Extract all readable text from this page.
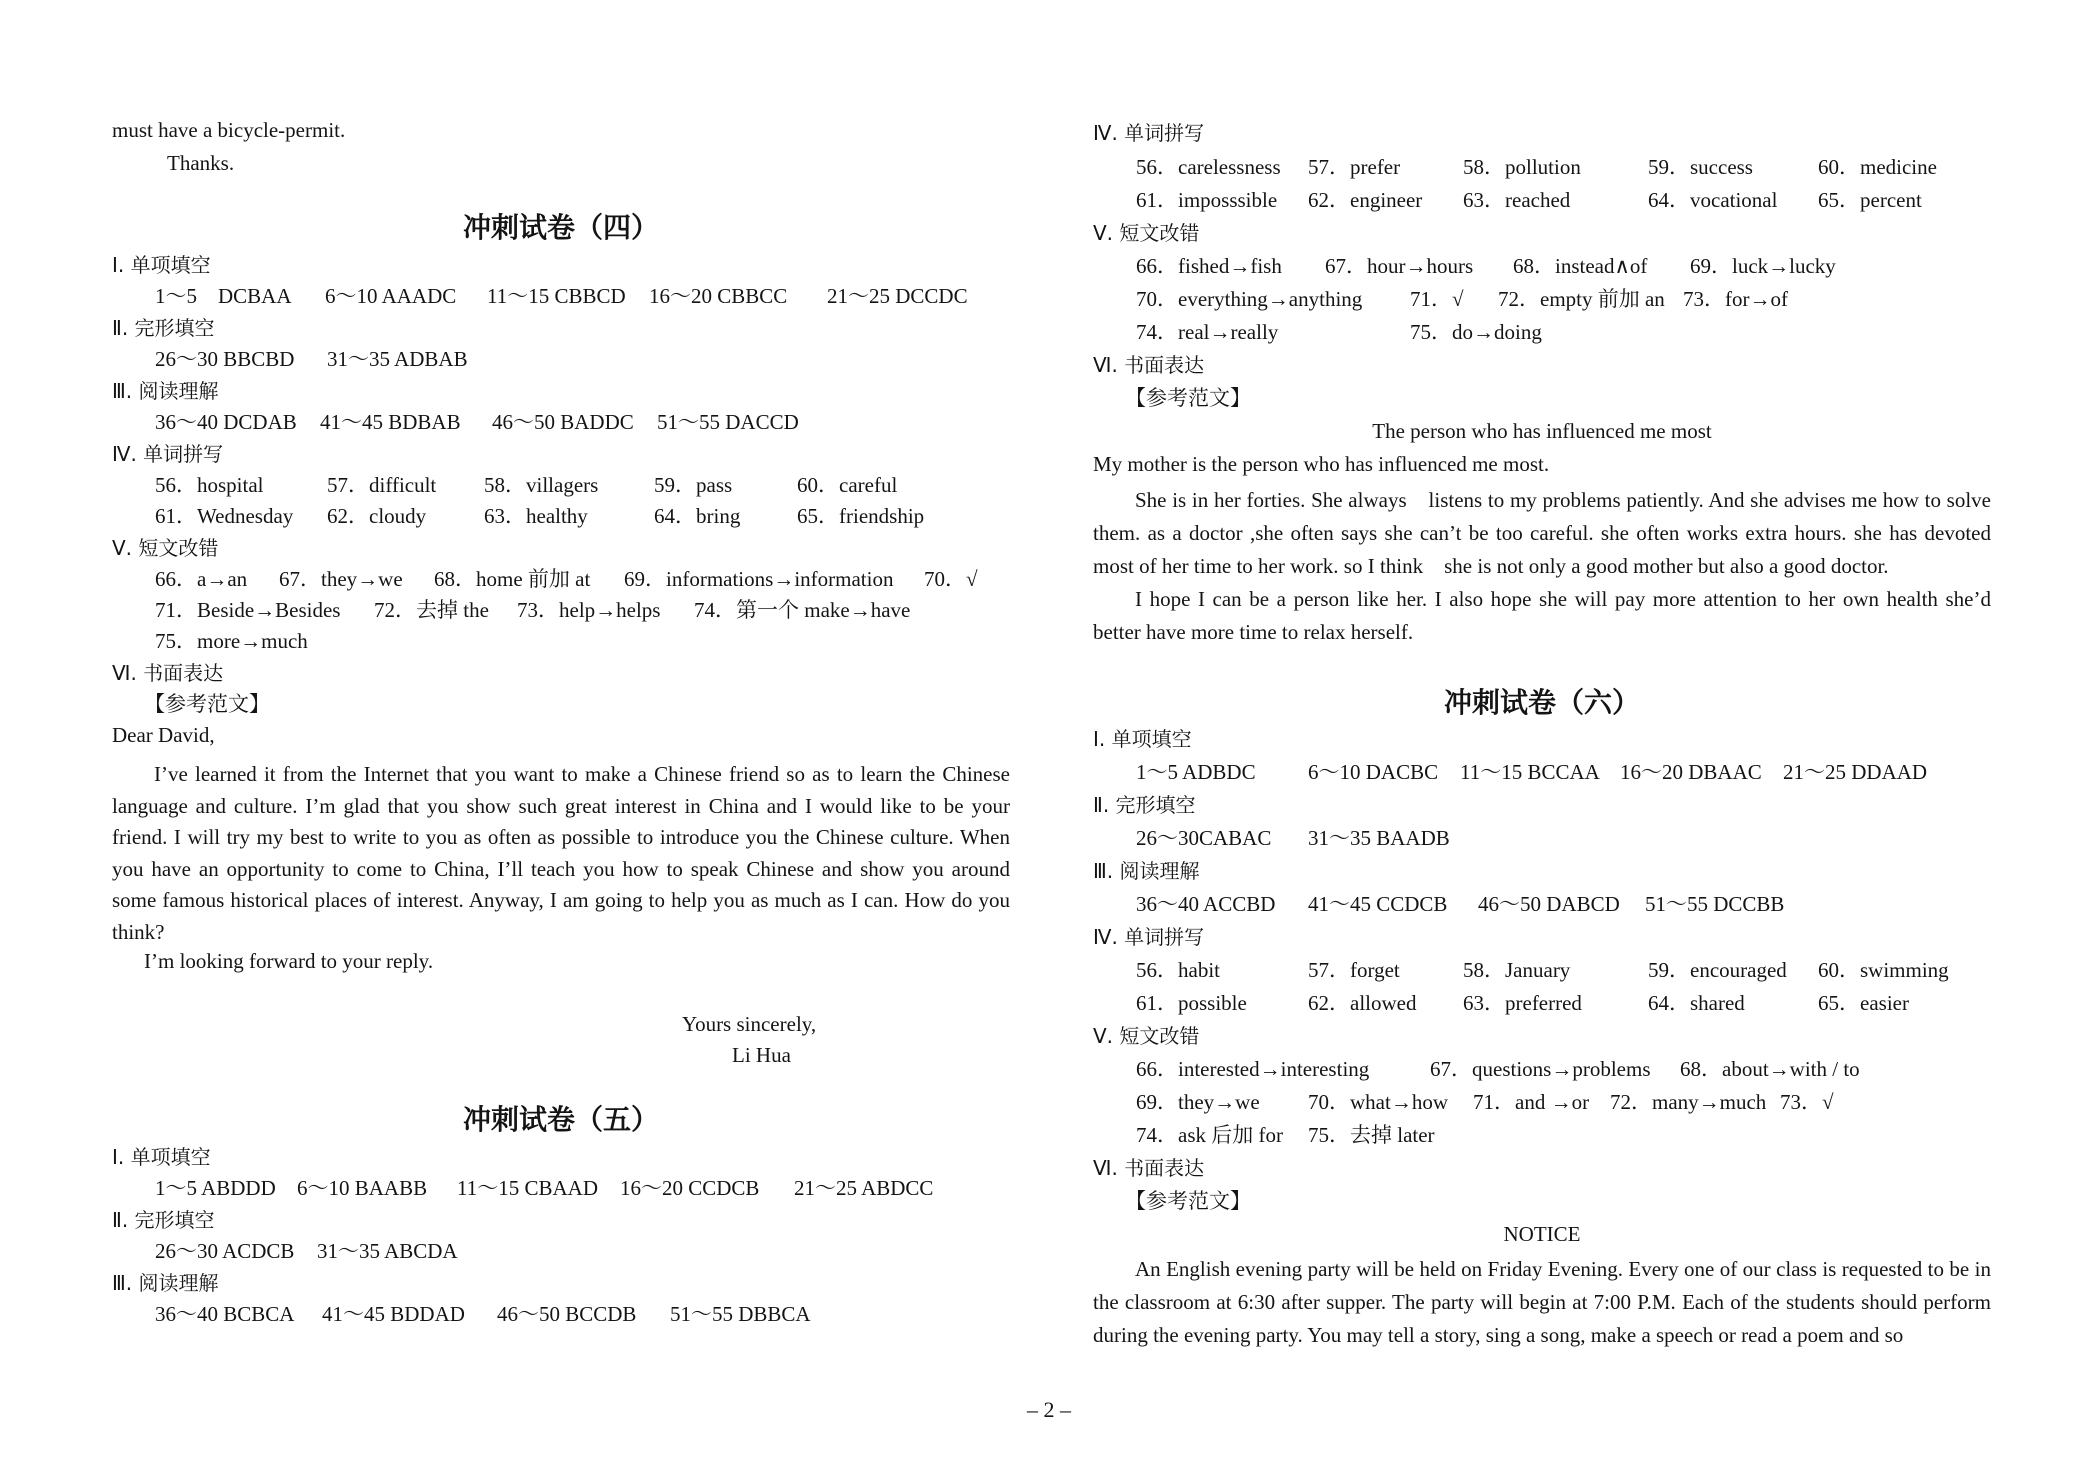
must have a bicycle-permit.
Thanks.
冲刺试卷（四）
Ⅰ. 单项填空
1～5　DCBAA 6～10 AAADC 11～15 CBBCD 16～20 CBBCC 21～25 DCCDC
Ⅱ. 完形填空
26～30 BBCBD 31～35 ADBAB
Ⅲ. 阅读理解
36～40 DCDAB 41～45 BDBAB 46～50 BADDC 51～55 DACCD
Ⅳ. 单词拼写
56．hospital	57．difficult 58．villagers	59．pass	60．careful
61．Wednesday 62．cloudy	63．healthy	64．bring	65．friendship
Ⅴ. 短文改错
66．a→an 67．they→we 68．home 前加 at 69．informations→information 70．√
71．Beside→Besides 72．去掉 the 73．help→helps 74．第一个 make→have
75．more→much
Ⅵ. 书面表达
【参考范文】
Dear David,
I’ve learned it from the Internet that you want to make a Chinese friend so as to learn the Chinese language and culture. I’m glad that you show such great interest in China and I would like to be your friend. I will try my best to write to you as often as possible to introduce you the Chinese culture. When you have an opportunity to come to China, I’ll teach you how to speak Chinese and show you around some famous historical places of interest. Anyway, I am going to help you as much as I can. How do you think?
I’m looking forward to your reply.
Yours sincerely,
Li Hua
冲刺试卷（五）
Ⅰ. 单项填空
1～5 ABDDD 6～10 BAABB 11～15 CBAAD 16～20 CCDCB 21～25 ABDCC
Ⅱ. 完形填空
26～30 ACDCB 31～35 ABCDA
Ⅲ. 阅读理解
36～40 BCBCA 41～45 BDDAD 46～50 BCCDB 51～55 DBBCA
Ⅳ. 单词拼写
56．carelessness 57．prefer	58．pollution	59．success	60．medicine
61．imposssible 62．engineer 63．reached	64．vocational 65．percent
Ⅴ. 短文改错
66．fished→fish 67．hour→hours 68．instead∧of 69．luck→lucky
70．everything→anything 71．√ 72．empty 前加 an 73．for→of
74．real→really	75．do→doing
Ⅵ. 书面表达
【参考范文】
The person who has influenced me most
My mother is the person who has influenced me most.
She is in her forties. She always　listens to my problems patiently. And she advises me how to solve them. as a doctor ,she often says she can’t be too careful. she often works extra hours. she has devoted most of her time to her work. so I think　she is not only a good mother but also a good doctor.
I hope I can be a person like her. I also hope she will pay more attention to her own health she’d better have more time to relax herself.
冲刺试卷（六）
Ⅰ. 单项填空
1～5 ADBDC 6～10 DACBC 11～15 BCCAA 16～20 DBAAC 21～25 DDAAD
Ⅱ. 完形填空
26～30CABAC 31～35 BAADB
Ⅲ. 阅读理解
36～40 ACCBD 41～45 CCDCB 46～50 DABCD 51～55 DCCBB
Ⅳ. 单词拼写
56．habit	57．forget	58．January	59．encouraged 60．swimming
61．possible	62．allowed 63．preferred	64．shared	65．easier
Ⅴ. 短文改错
66．interested→interesting	67．questions→problems 68．about→with / to
69．they→we 70．what→how 71．and →or 72．many→much 73．√
74．ask 后加 for 75．去掉 later
Ⅵ. 书面表达
【参考范文】
NOTICE
An English evening party will be held on Friday Evening. Every one of our class is requested to be in the classroom at 6:30 after supper. The party will begin at 7:00 P.M. Each of the students should perform during the evening party. You may tell a story, sing a song, make a speech or read a poem and so
– 2 –
